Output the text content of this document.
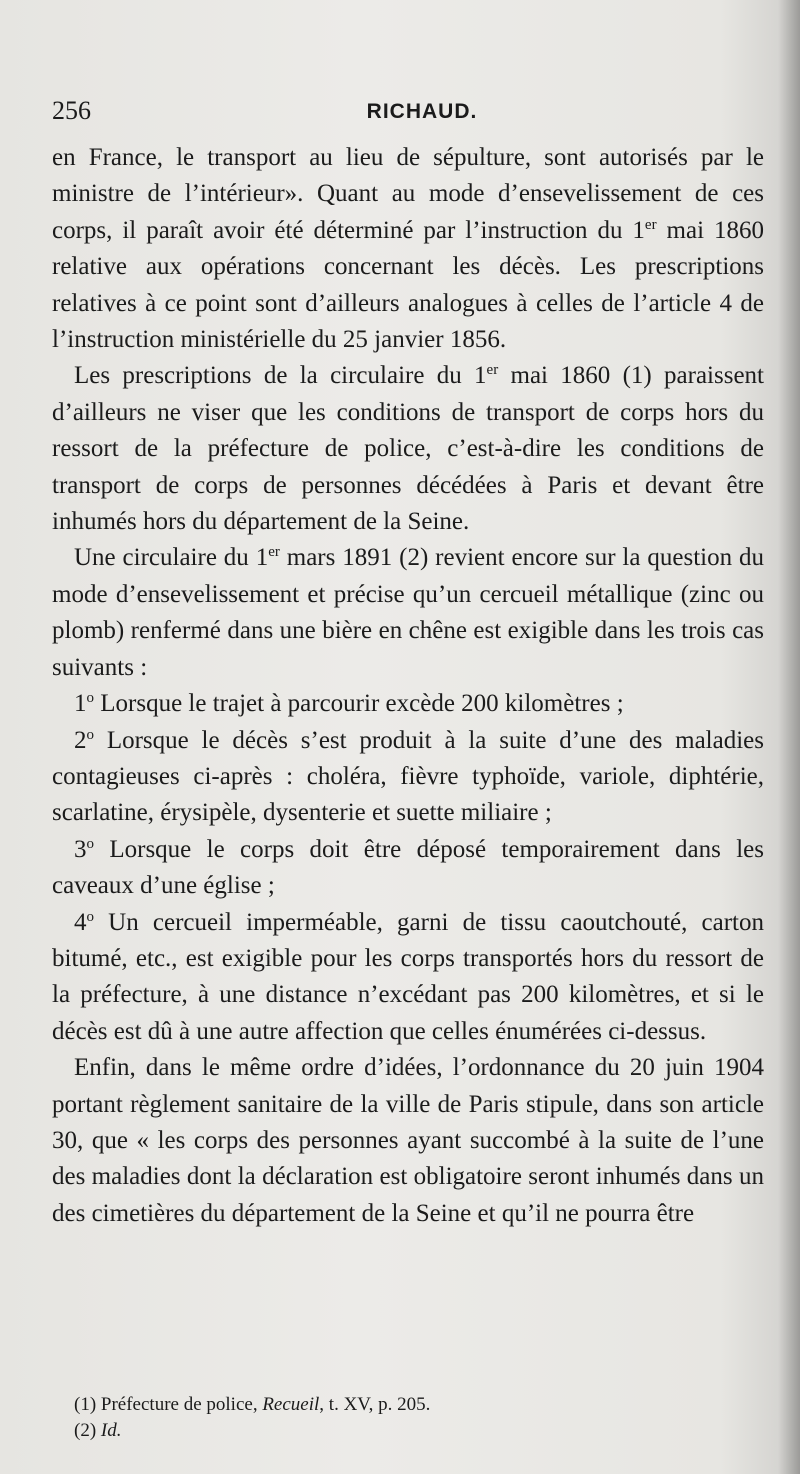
256	RICHAUD.

en France, le transport au lieu de sépulture, sont autorisés par le ministre de l’intérieur». Quant au mode d’ensevelissement de ces corps, il paraît avoir été déterminé par l’instruction du 1er mai 1860 relative aux opérations concernant les décès. Les prescriptions relatives à ce point sont d’ailleurs analogues à celles de l’article 4 de l’instruction ministérielle du 25 janvier 1856.

Les prescriptions de la circulaire du 1er mai 1860 (1) paraissent d’ailleurs ne viser que les conditions de transport de corps hors du ressort de la préfecture de police, c’est-à-dire les conditions de transport de corps de personnes décédées à Paris et devant être inhumés hors du département de la Seine.

Une circulaire du 1er mars 1891 (2) revient encore sur la question du mode d’ensevelissement et précise qu’un cercueil métallique (zinc ou plomb) renfermé dans une bière en chêne est exigible dans les trois cas suivants :

1$^o$ Lorsque le trajet à parcourir excède 200 kilomètres ;

2$^o$ Lorsque le décès s’est produit à la suite d’une des maladies contagieuses ci-après : choléra, fièvre typhoïde, variole, diphtérie, scarlatine, érysipèle, dysenterie et suette miliaire ;

3$^o$ Lorsque le corps doit être déposé temporairement dans les caveaux d’une église ;

4$^o$ Un cercueil imperméable, garni de tissu caoutchouté, carton bitumé, etc., est exigible pour les corps transportés hors du ressort de la préfecture, à une distance n’excédant pas 200 kilomètres, et si le décès est dû à une autre affection que celles énumérées ci-dessus.

Enfin, dans le même ordre d’idées, l’ordonnance du 20 juin 1904 portant règlement sanitaire de la ville de Paris stipule, dans son article 30, que « les corps des personnes ayant succombé à la suite de l’une des maladies dont la déclaration est obligatoire seront inhumés dans un des cimetières du département de la Seine et qu’il ne pourra être

(1) Préfecture de police, Recueil, t. XV, p. 205.

(2) Id.
